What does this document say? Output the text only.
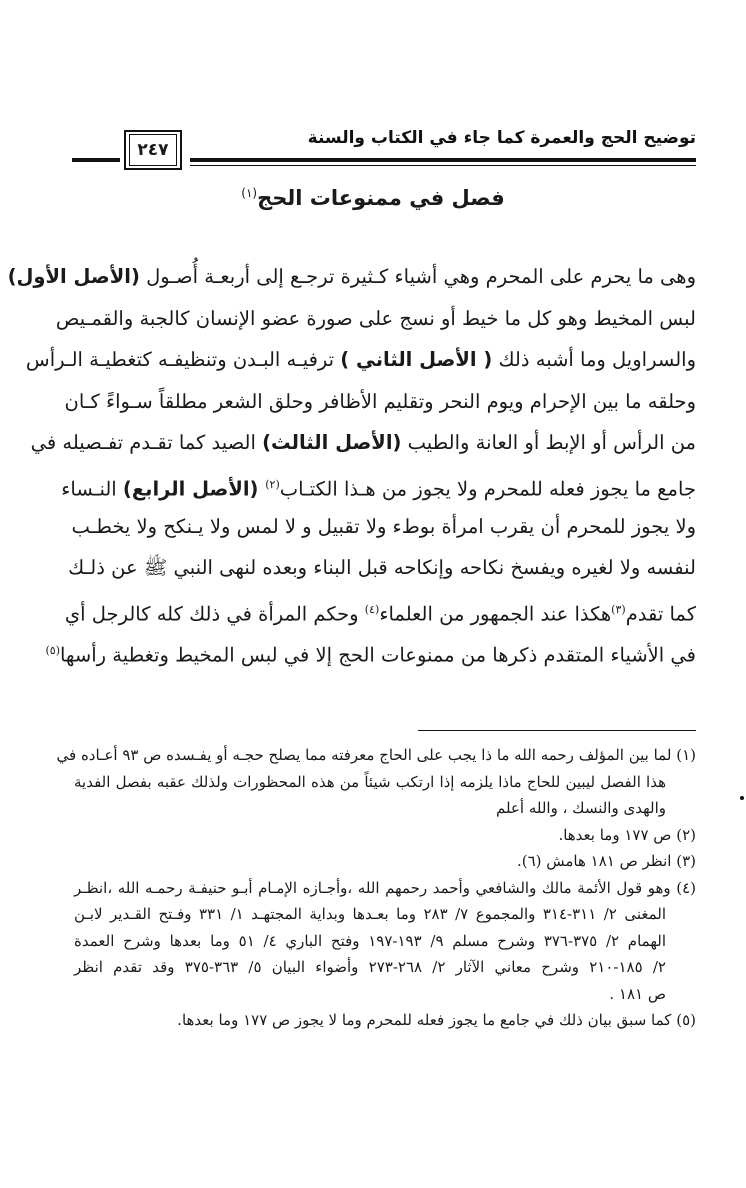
توضيح الحج والعمرة كما جاء في الكتاب والسنة
٢٤٧
فصل في ممنوعات الحج$^{(١)}$
وهى ما يحرم على المحرم وهي أشياء كـثيرة ترجـع إلى أربعـة أُصـول (الأصل الأول)
لبس المخيط وهو كل ما خيط أو نسج على صورة عضو الإنسان كالجبة والقمـيص
والسراويل وما أشبه ذلك ( الأصل الثاني ) ترفيـه البـدن وتنظيفـه كتغطيـة الـرأس
وحلقه ما بين الإحرام ويوم النحر وتقليم الأظافر وحلق الشعر مطلقاً سـواءً كـان
من الرأس أو الإبط أو العانة والطيب (الأصل الثالث) الصيد كما تقـدم تفـصيله في
جامع ما يجوز فعله للمحرم ولا يجوز من هـذا الكتـاب$^{(٢)}$ (الأصل الرابع) النـساء
ولا يجوز للمحرم أن يقرب امرأة بوطء ولا تقبيل و لا لمس ولا يـنكح ولا يخطـب
لنفسه ولا لغيره ويفسخ نكاحه وإنكاحه قبل البناء وبعده لنهى النبي ﷺ عن ذلـك
كما تقدم$^{(٣)}$هكذا عند الجمهور من العلماء$^{(٤)}$ وحكم المرأة في ذلك كله كالرجل أي
في الأشياء المتقدم ذكرها من ممنوعات الحج إلا في لبس المخيط وتغطية رأسها$^{(٥)}$
(١) لما بين المؤلف رحمه الله ما ذا يجب على الحاج معرفته مما يصلح حجـه أو يفـسده ص ٩٣ أعـاده في
هذا الفصل ليبين للحاج ماذا يلزمه إذا ارتكب شيئاً من هذه المحظورات ولذلك عقبه بفصل الفدية
والهدى والنسك ، والله أعلم
(٢) ص ١٧٧ وما بعدها.
(٣) انظر ص ١٨١ هامش (٦).
(٤) وهو قول الأئمة مالك والشافعي وأحمد رحمهم الله ،وأجـازه الإمـام أبـو حنيفـة رحمـه الله ،انظـر
المغنى ٢/ ٣١١-٣١٤ والمجموع ٧/ ٢٨٣ وما بعـدها وبداية المجتهـد ١/ ٣٣١ وفـتح القـدير لابـن
الهمام ٢/ ٣٧٥-٣٧٦ وشرح مسلم ٩/ ١٩٣-١٩٧ وفتح الباري ٤/ ٥١ وما بعدها وشرح العمدة
٢/ ١٨٥-٢١٠ وشرح معاني الآثار ٢/ ٢٦٨-٢٧٣ وأضواء البيان ٥/ ٣٦٣-٣٧٥ وقد تقدم انظر
ص ١٨١ .
(٥) كما سبق بيان ذلك في جامع ما يجوز فعله للمحرم وما لا يجوز ص ١٧٧ وما بعدها.
